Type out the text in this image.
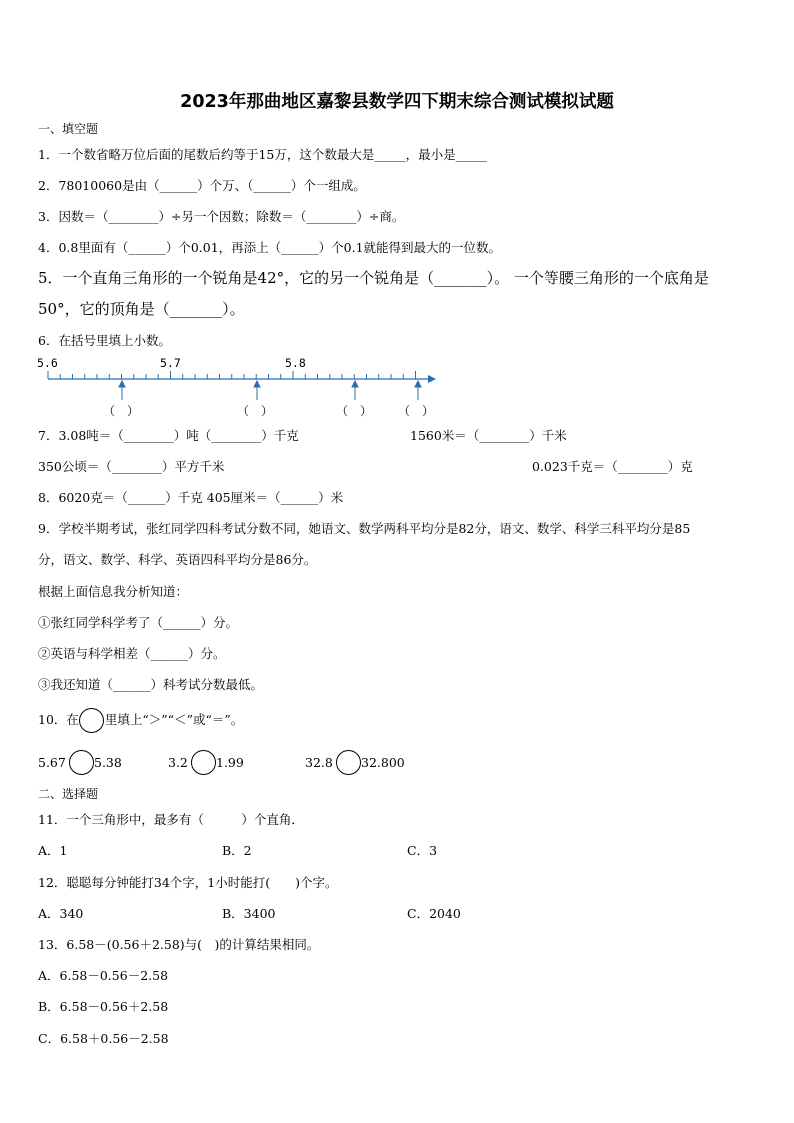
2023年那曲地区嘉黎县数学四下期末综合测试模拟试题
一、填空题
1．一个数省略万位后面的尾数后约等于15万，这个数最大是_____，最小是_____
2．78010060是由（______）个万、（______）个一组成。
3．因数＝（________）÷另一个因数；除数＝（________）÷商。
4．0.8里面有（______）个0.01，再添上（______）个0.1就能得到最大的一位数。
5．一个直角三角形的一个锐角是42°，它的另一个锐角是（_______）。 一个等腰三角形的一个底角是
50°，它的顶角是（_______）。
6．在括号里填上小数。
5.6	5.7	5.8
（　）	（　）	（　） （　）
7．3.08吨＝（________）吨（________）千克	1560米＝（________）千米
350公顷＝（________）平方千米	0.023千克＝（________）克
8．6020克＝（______）千克 405厘米＝（______）米
9．学校半期考试，张红同学四科考试分数不同，她语文、数学两科平均分是82分，语文、数学、科学三科平均分是85
分，语文、数学、科学、英语四科平均分是86分。
根据上面信息我分析知道：
①张红同学科学考了（______）分。
②英语与科学相差（______）分。
③我还知道（______）科考试分数最低。
10．在 里填上“＞”“＜”或“＝”。
5.67 5.38	3.2 1.99	32.8 32.800
二、选择题
11．一个三角形中，最多有（　　　）个直角．
A．1	B．2	C．3
12．聪聪每分钟能打34个字，1小时能打(　　)个字。
A．340	B．3400	C．2040
13．6.58－(0.56＋2.58)与(　)的计算结果相同。
A．6.58－0.56－2.58
B．6.58－0.56＋2.58
C．6.58＋0.56－2.58
